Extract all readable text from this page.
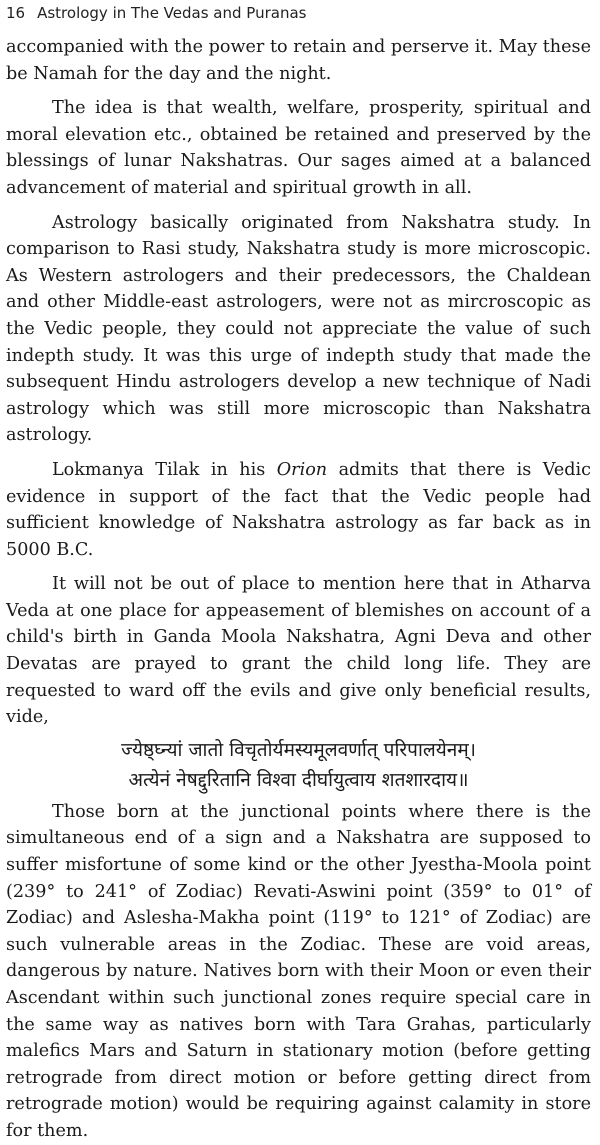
16 Astrology in The Vedas and Puranas

accompanied with the power to retain and perserve it. May these be Namah for the day and the night.

The idea is that wealth, welfare, prosperity, spiritual and moral elevation etc., obtained be retained and preserved by the blessings of lunar Nakshatras. Our sages aimed at a balanced advancement of material and spiritual growth in all.

Astrology basically originated from Nakshatra study. In comparison to Rasi study, Nakshatra study is more microscopic. As Western astrologers and their predecessors, the Chaldean and other Middle-east astrologers, were not as mircroscopic as the Vedic people, they could not appreciate the value of such indepth study. It was this urge of indepth study that made the subsequent Hindu astrologers develop a new technique of Nadi astrology which was still more microscopic than Nakshatra astrology.

Lokmanya Tilak in his Orion admits that there is Vedic evidence in support of the fact that the Vedic people had sufficient knowledge of Nakshatra astrology as far back as in 5000 B.C.

It will not be out of place to mention here that in Atharva Veda at one place for appeasement of blemishes on account of a child's birth in Ganda Moola Nakshatra, Agni Deva and other Devatas are prayed to grant the child long life. They are requested to ward off the evils and give only beneficial results, vide,

ज्येष्ठ्घ्न्यां जातो विचृतोर्यमस्यमूलवर्णात् परिपालयेनम्।
अत्येनं नेषद्दुरितानि विश्वा दीर्घायुत्वाय शतशारदाय॥

Those born at the junctional points where there is the simultaneous end of a sign and a Nakshatra are supposed to suffer misfortune of some kind or the other Jyestha-Moola point (239° to 241° of Zodiac) Revati-Aswini point (359° to 01° of Zodiac) and Aslesha-Makha point (119° to 121° of Zodiac) are such vulnerable areas in the Zodiac. These are void areas, dangerous by nature. Natives born with their Moon or even their Ascendant within such junctional zones require special care in the same way as natives born with Tara Grahas, particularly malefics Mars and Saturn in stationary motion (before getting retrograde from direct motion or before getting direct from retrograde motion) would be requiring against calamity in store for them.
